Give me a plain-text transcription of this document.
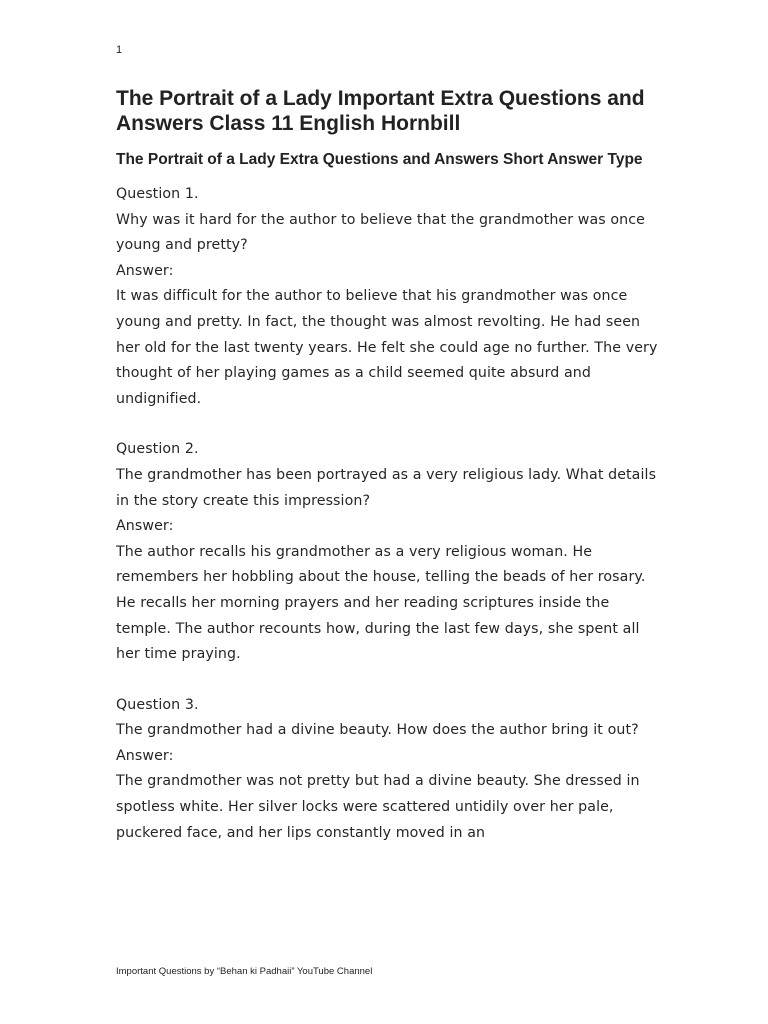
1
The Portrait of a Lady Important Extra Questions and Answers Class 11 English Hornbill
The Portrait of a Lady Extra Questions and Answers Short Answer Type

Question 1.

Why was it hard for the author to believe that the grandmother was once young and pretty?

Answer:

It was difficult for the author to believe that his grandmother was once young and pretty. In fact, the thought was almost revolting. He had seen her old for the last twenty years. He felt she could age no further. The very thought of her playing games as a child seemed quite absurd and undignified.

Question 2.

The grandmother has been portrayed as a very religious lady. What details in the story create this impression?

Answer:

The author recalls his grandmother as a very religious woman. He remembers her hobbling about the house, telling the beads of her rosary. He recalls her morning prayers and her reading scriptures inside the temple. The author recounts how, during the last few days, she spent all her time praying.

Question 3.

The grandmother had a divine beauty. How does the author bring it out?

Answer:

The grandmother was not pretty but had a divine beauty. She dressed in spotless white. Her silver locks were scattered untidily over her pale, puckered face, and her lips constantly moved in an

Important Questions by “Behan ki Padhaii” YouTube Channel
